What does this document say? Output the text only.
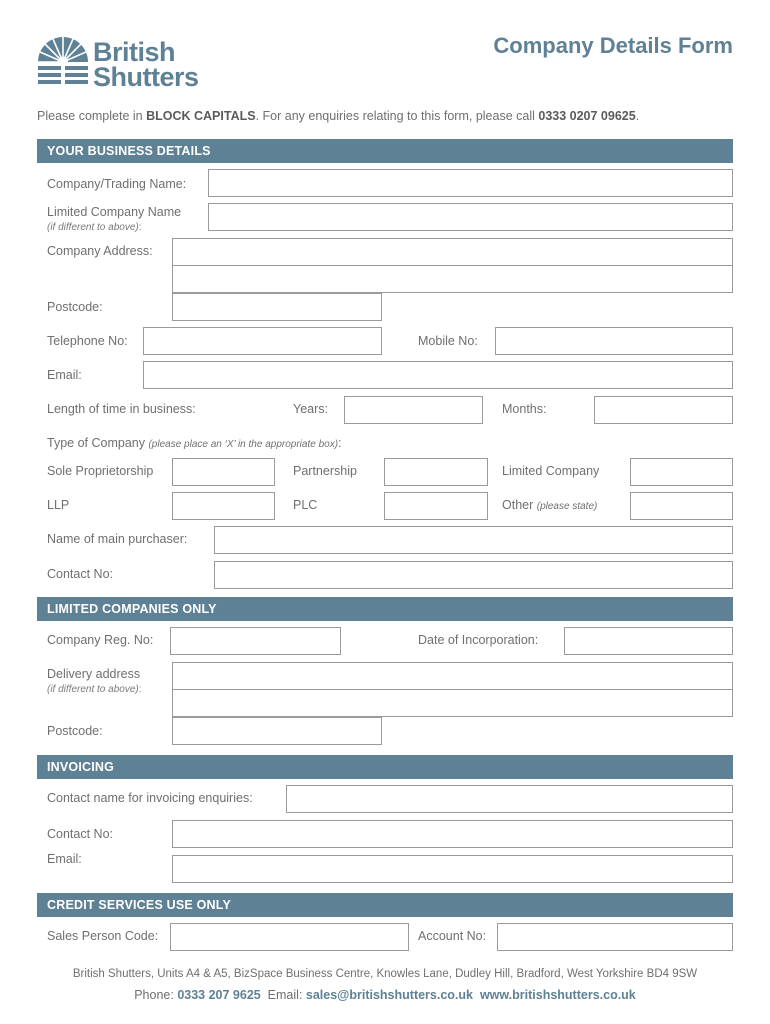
British
Shutters
Company Details Form
Please complete in BLOCK CAPITALS. For any enquiries relating to this form, please call 0333 0207 09625.
YOUR BUSINESS DETAILS
Company/Trading Name:
Limited Company Name
(if different to above):
Company Address:
Postcode:
Telephone No:	Mobile No:
Email:
Length of time in business:	Years:	Months:
Type of Company (please place an ‘X’ in the appropriate box):
Sole Proprietorship	Partnership	Limited Company
LLP	PLC	Other (please state)
Name of main purchaser:
Contact No:
LIMITED COMPANIES ONLY
Company Reg. No:	Date of Incorporation:
Delivery address
(if different to above):
Postcode:
INVOICING
Contact name for invoicing enquiries:
Contact No:
Email:
CREDIT SERVICES USE ONLY
Sales Person Code:	Account No:
British Shutters, Units A4 & A5, BizSpace Business Centre, Knowles Lane, Dudley Hill, Bradford, West Yorkshire BD4 9SW
Phone: 0333 207 9625  Email: sales@britishshutters.co.uk www.britishshutters.co.uk
